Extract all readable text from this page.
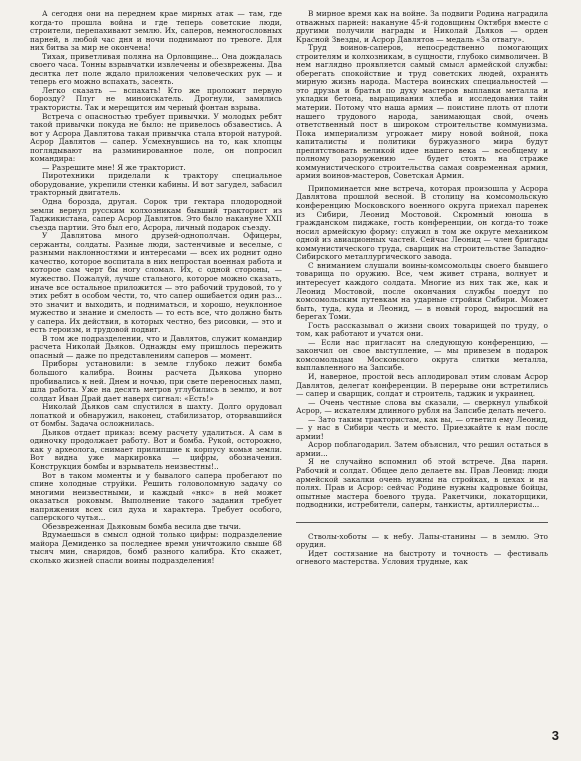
А сегодня они на переднем крае мирных атак — там, где когда-то прошла война и где теперь советские люди, строители, перепахивают землю. Их, саперов, немногословных парней, в любой час дня и ночи поднимают по тревоге. Для них битва за мир не окончена!

Тихая, приветливая поляна на Орловщине... Она дождалась своего часа. Тонны взрывчатки извлечены и обезврежены. Два десятка лет поле ждало приложения человеческих рук — и теперь его можно вспахать, засеять.

Легко сказать — вспахать! Кто же проложит первую борозду? Плуг не миноискатель. Дрогнули, замялись трактористы. Так и мерещится им черный фонтан взрыва.

Встреча с опасностью требует привычки. У молодых ребят такой привычки покуда не было: не привелось обзавестись. А вот у Асрора Давлятова такая привычка стала второй натурой. Асрор Давлятов — сапер. Усмехнувшись на то, как хлопцы поглядывают на разминированное поле, он попросил командира:

— Разрешите мне! Я же тракторист.

Пиротехники приделали к трактору специальное оборудование, укрепили стенки кабины. И вот загудел, забасил тракторный двигатель.

Одна борозда, другая. Сорок три гектара плодородной земли вернул русским колхозникам бывший тракторист из Таджикистана, сапер Асрор Давлятов. Это было накануне XXII съезда партии. Это был его, Асрора, личный подарок съезду.

У Давлятова много друзей-однополчан. Офицеры, сержанты, солдаты. Разные люди, застенчивые и веселые, с разными наклонностями и интересами — всех их роднит одно качество, которое воспитала в них непростая военная работа и которое сам черт бы ногу сломал. Их, с одной стороны, — мужество. Пожалуй, лучше стального, которое можно сказать, иначе все остальное приложится — это рабочий трудовой, то у этих ребят в особом чести, то, что сапер ошибается один раз... это значит и выходить, и подниматься, и хорошо, неуклонное мужество и знание и смелость — то есть все, что должно быть у сапера. Их действия, в которых честно, без рисовки, — это и есть героизм, и трудовой подвиг.

В том же подразделении, что и Давлятов, служит командир расчета Николай Дьяков. Однажды ему пришлось пережить опасный — даже по представлениям саперов — момент.

Приборы установили: в земле глубоко лежит бомба большого калибра. Воины расчета Дьякова упорно пробивались к ней. Днем и ночью, при свете переносных ламп, шла работа. Уже на десять метров углубились в землю, и вот солдат Иван Драй дает наверх сигнал: «Есть!»

Николай Дьяков сам спустился в шахту. Долго орудовал лопаткой и обнаружил, наконец, стабилизатор, оторвавшийся от бомбы. Задача осложнилась.

Дьяков отдает приказ: всему расчету удалиться. А сам в одиночку продолжает работу. Вот и бомба. Рукой, осторожно, как у археолога, снимает прилипшие к корпусу комья земли. Вот видна уже маркировка — цифры, обозначения. Конструкция бомбы и взрыватель неизвестны!..

Вот в таком моменты и у бывалого сапера пробегают по спине холодные струйки. Решить головоломную задачу со многими неизвестными, и каждый «нкс» в ней может оказаться роковым. Выполнение такого задания требует напряжения всех сил духа и характера. Требует особого, саперского чутья...

Обезвреженная Дьяковым бомба весила две тычи.

Вдумаешься в смысл одной только цифры: подразделение майора Демиденко за последнее время уничтожило свыше 68 тысяч мин, снарядов, бомб разного калибра. Кто скажет, сколько жизней спасли воины подразделения!

В мирное время как на войне. За подвиги Родина наградила отважных парней: накануне 45-й годовщины Октября вместе с другими получили награды и Николай Дьяков — орден Красной Звезды, и Асрор Давлятов — медаль «За отвагу».

Труд воинов-саперов, непосредственно помогающих строителям и колхозникам, в сущности, глубоко символичен. В нем наглядно проявляется самый смысл армейской службы: оберегать спокойствие и труд советских людей, охранять мирную жизнь народа. Мастера воинских специальностей — это друзья и братья по духу мастеров выплавки металла и укладки бетона, выращивания хлеба и исследования тайн материи. Потому что наша армия — поистине плоть от плоти нашего трудового народа, занимающая свой, очень ответственный пост в широком строительстве коммунизма. Пока империализм угрожает миру новой войной, пока капиталисты и политики буржуазного мира будут препятствовать великой идее нашего века — всеобщему и полному разоружению — будет стоять на страже коммунистического строительства самая современная армия, армия воинов-мастеров, Советская Армия.

Припоминается мне встреча, которая произошла у Асрора Давлятова прошлой весной. В столицу на комсомольскую конференцию Московского военного округа приехал паренек из Сибири, Леонид Мостовой. Скромный юноша в гражданском пиджаке, гость конференции, он когда-то тоже носил армейскую форму: служил в том же округе механиком одной из авиационных частей. Сейчас Леонид — член бригады коммунистического труда, сварщик на строительстве Западно-Сибирского металлургического завода.

С вниманием слушали воины-комсомольцы своего бывшего товарища по оружию. Все, чем живет страна, волнует и интересует каждого солдата. Многие из них так же, как и Леонид Мостовой, после окончания службы поедут по комсомольским путевкам на ударные стройки Сибири. Может быть, туда, куда и Леонид, — в новый город, выросший на берегах Томи.

Гость рассказывал о жизни своих товарищей по труду, о том, как работают и учатся они.

— Если нас пригласят на следующую конференцию, — закончил он свое выступление, — мы привезем в подарок комсомольцам Московского округа слитки металла, выплавленного на Запсибе.

И, наверное, простой весь аплодировал этим словам Асрор Давлятов, делегат конференции. В перерыве они встретились — сапер и сварщик, солдат и строитель, таджик и украинец.

— Очень честные слова вы сказали, — сверкнул улыбкой Асрор, — искателям длинного рубля на Запсибе делать нечего.

— Зато таким трактористам, как вы, — ответил ему Леонид, — у нас в Сибири честь и место. Приезжайте к нам после армии!

Асрор поблагодарил. Затем объяснил, что решил остаться в армии...

Я не случайно вспомнил об этой встрече. Два парня. Рабочий и солдат. Общее дело делаете вы. Прав Леонид: люди армейской закалки очень нужны на стройках, в цехах и на полях. Прав и Асрор: сейчас Родине нужны кадровые бойцы, опытные мастера боевого труда. Ракетчики, локаторщики, подводники, истребители, саперы, танкисты, артиллеристы...

Стволы-хоботы — к небу. Лапы-станины — в землю. Это орудия.

Идет состязание на быстроту и точность — фестиваль огневого мастерства. Условия трудные, как

3
